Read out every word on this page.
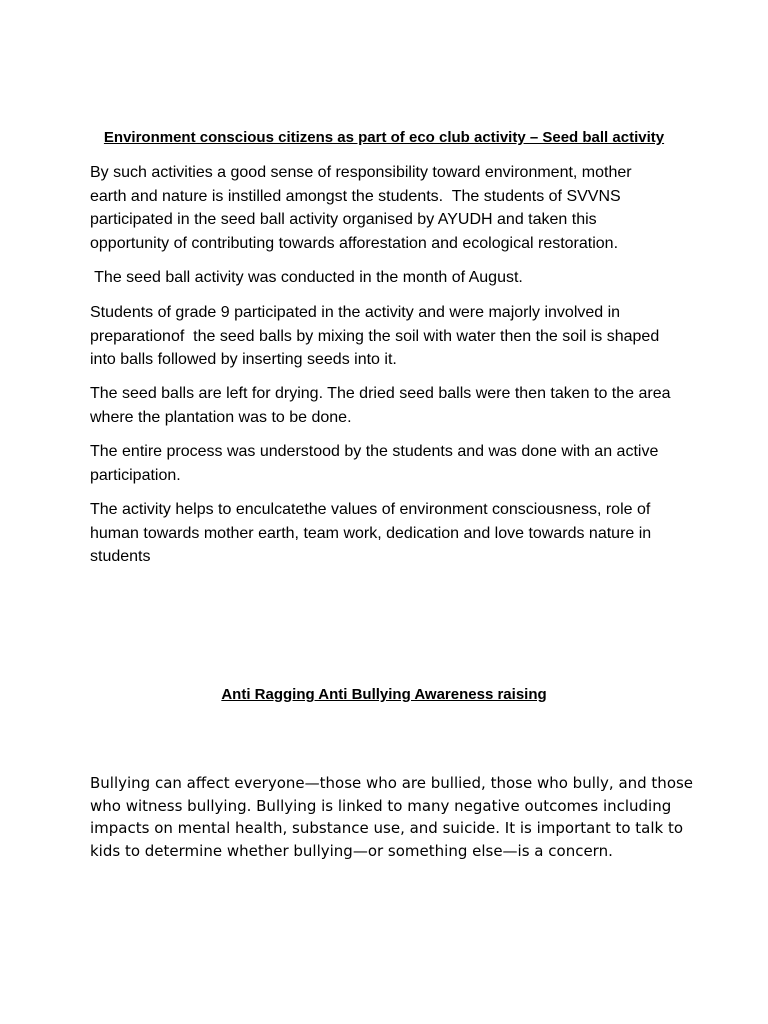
Environment conscious citizens as part of eco club activity – Seed ball activity

By such activities a good sense of responsibility toward environment, mother
earth and nature is instilled amongst the students.  The students of SVVNS
participated in the seed ball activity organised by AYUDH and taken this
opportunity of contributing towards afforestation and ecological restoration.

The seed ball activity was conducted in the month of August.

Students of grade 9 participated in the activity and were majorly involved in
preparationof  the seed balls by mixing the soil with water then the soil is shaped
into balls followed by inserting seeds into it.

The seed balls are left for drying. The dried seed balls were then taken to the area
where the plantation was to be done.

The entire process was understood by the students and was done with an active
participation.

The activity helps to enculcatethe values of environment consciousness, role of
human towards mother earth, team work, dedication and love towards nature in
students

Anti Ragging Anti Bullying Awareness raising

Bullying can affect everyone—those who are bullied, those who bully, and those
who witness bullying. Bullying is linked to many negative outcomes including
impacts on mental health, substance use, and suicide. It is important to talk to
kids to determine whether bullying—or something else—is a concern.
